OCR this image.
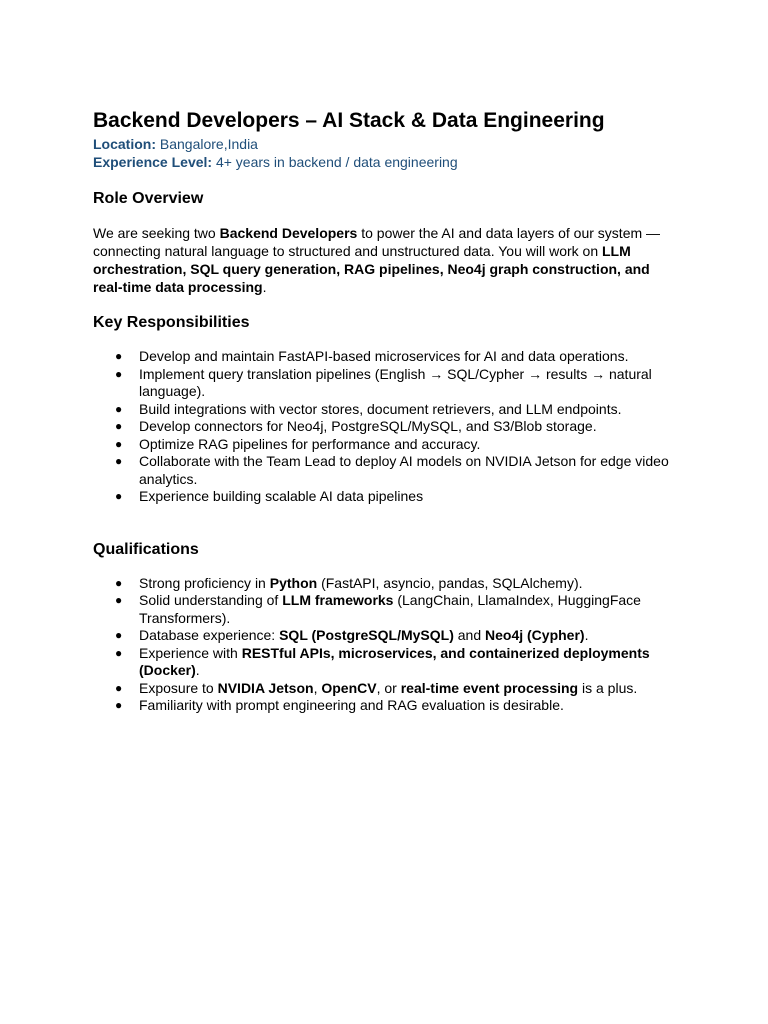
Backend Developers – AI Stack & Data Engineering

Location: Bangalore,India

Experience Level: 4+ years in backend / data engineering

Role Overview

We are seeking two Backend Developers to power the AI and data layers of our system — connecting natural language to structured and unstructured data. You will work on LLM orchestration, SQL query generation, RAG pipelines, Neo4j graph construction, and real-time data processing.

Key Responsibilities
● Develop and maintain FastAPI-based microservices for AI and data operations.
● Implement query translation pipelines (English → SQL/Cypher → results → natural language).
● Build integrations with vector stores, document retrievers, and LLM endpoints.
● Develop connectors for Neo4j, PostgreSQL/MySQL, and S3/Blob storage.
● Optimize RAG pipelines for performance and accuracy.
● Collaborate with the Team Lead to deploy AI models on NVIDIA Jetson for edge video analytics.
● Experience building scalable AI data pipelines
Qualifications
● Strong proficiency in Python (FastAPI, asyncio, pandas, SQLAlchemy).
● Solid understanding of LLM frameworks (LangChain, LlamaIndex, HuggingFace Transformers).
● Database experience: SQL (PostgreSQL/MySQL) and Neo4j (Cypher).
● Experience with RESTful APIs, microservices, and containerized deployments (Docker).
● Exposure to NVIDIA Jetson, OpenCV, or real-time event processing is a plus.
● Familiarity with prompt engineering and RAG evaluation is desirable.
